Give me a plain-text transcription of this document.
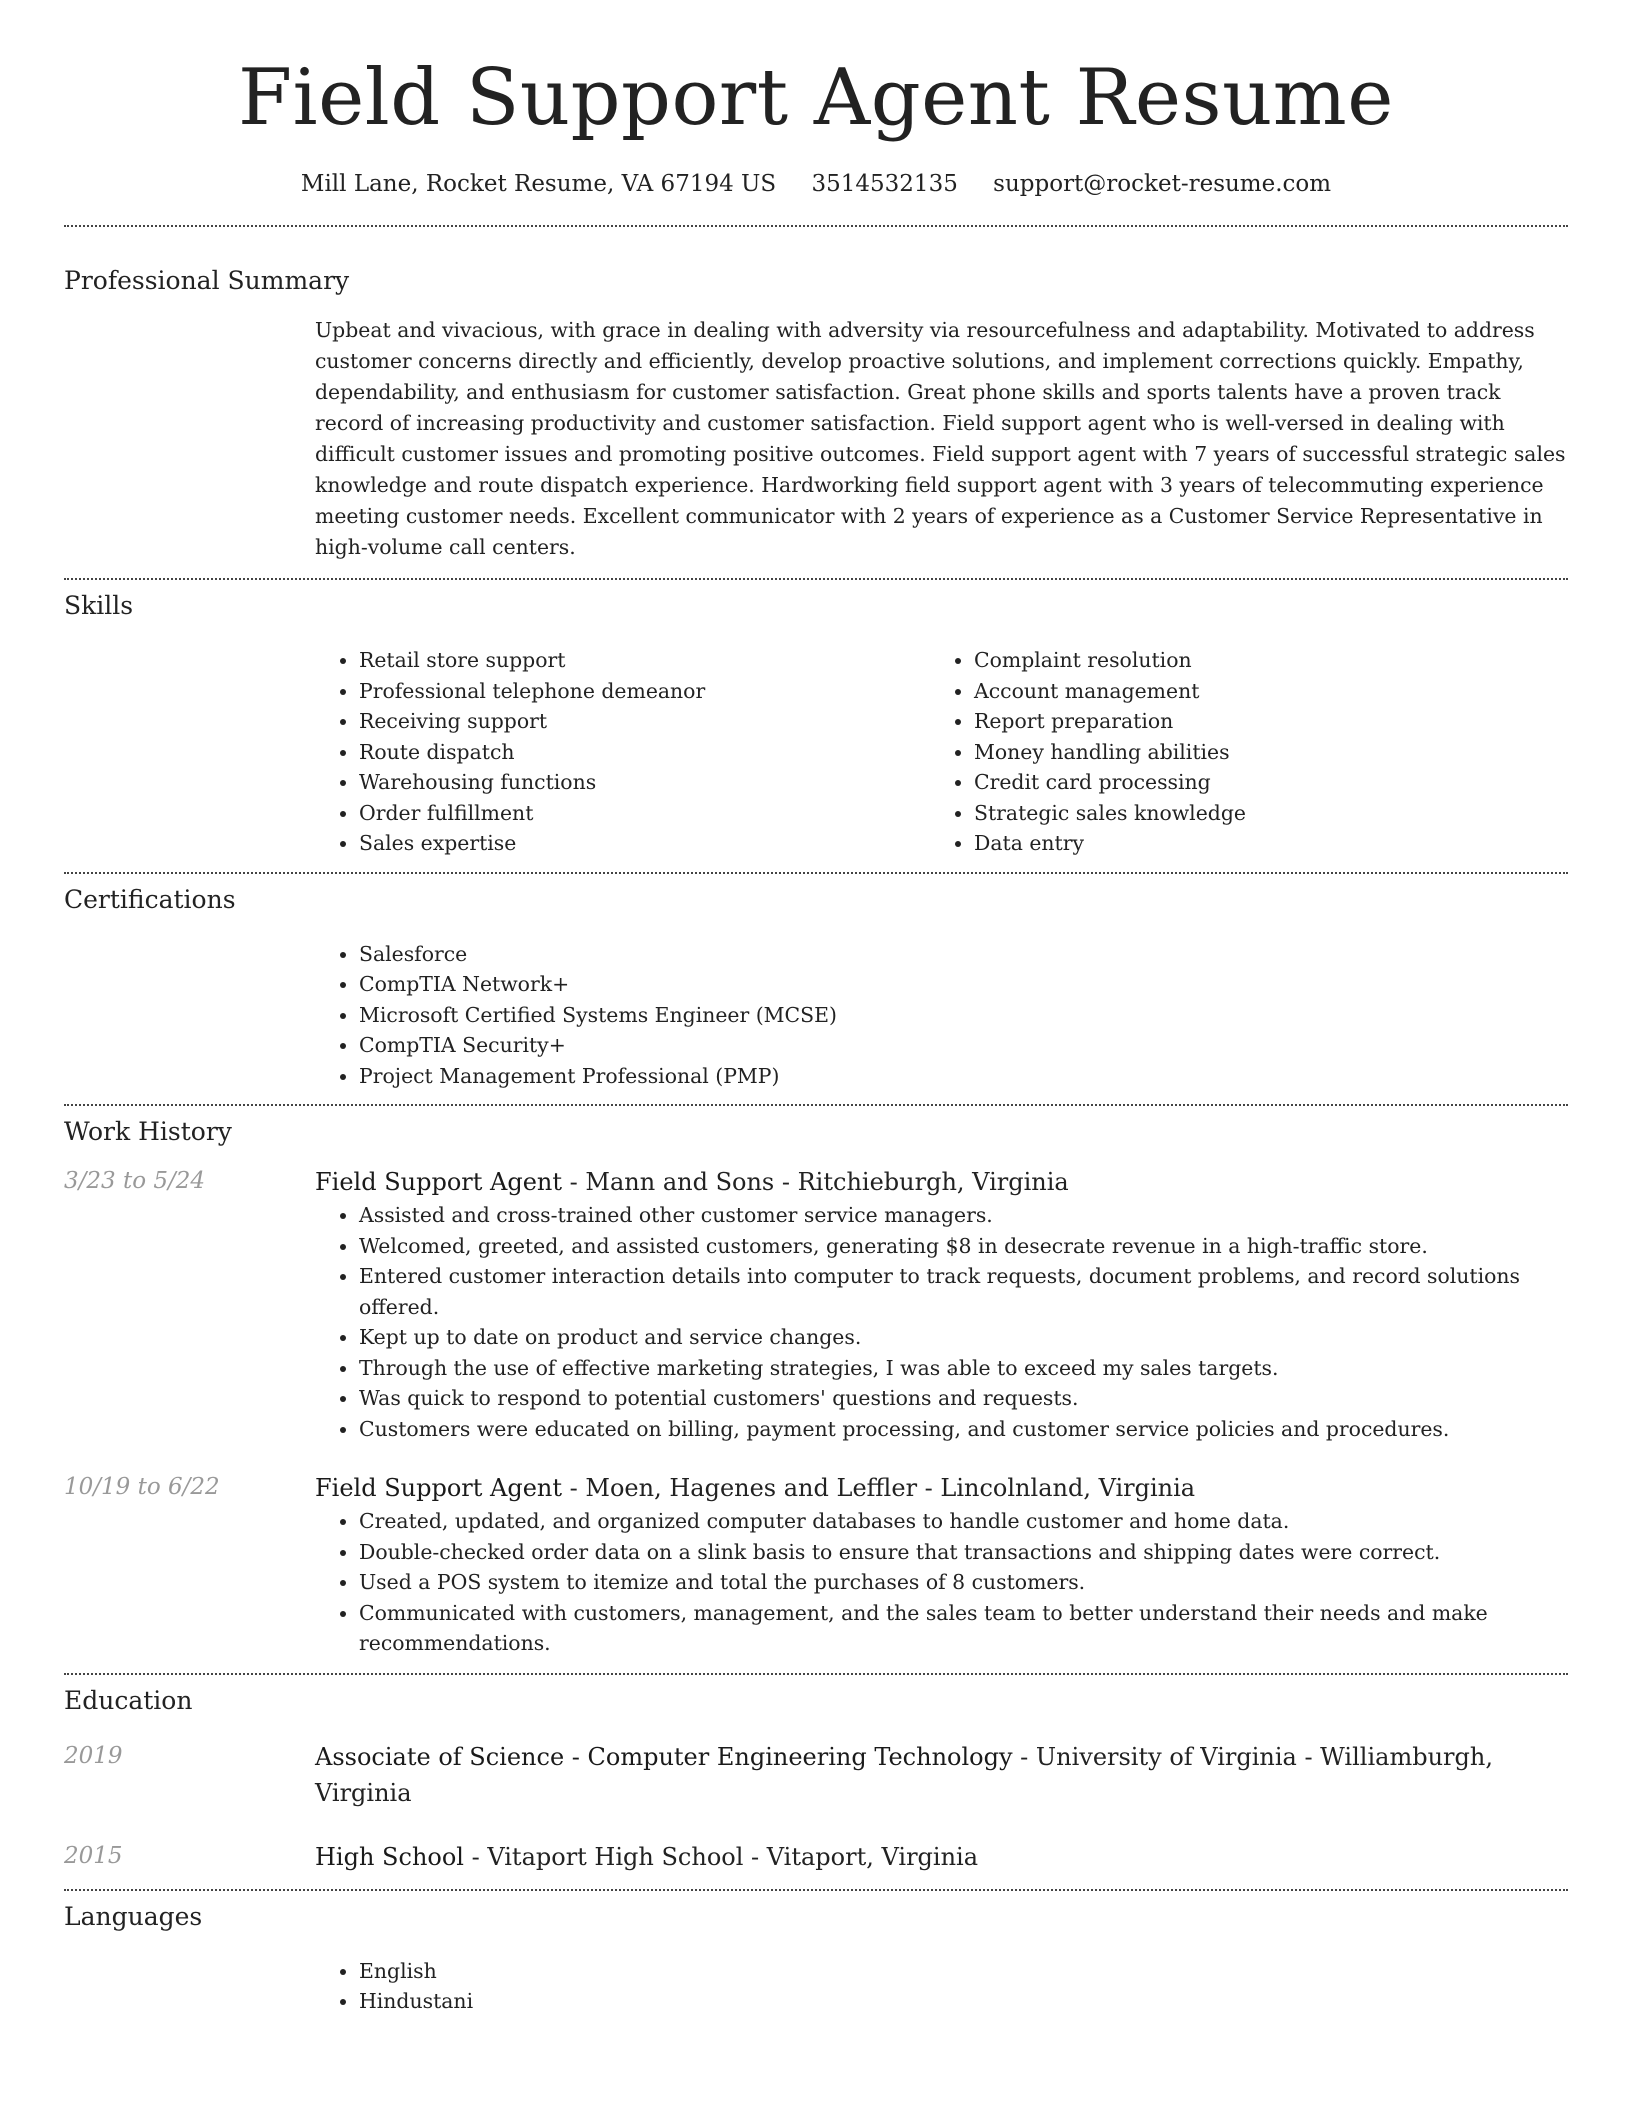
Field Support Agent Resume
Mill Lane, Rocket Resume, VA 67194 US 3514532135 support@rocket-resume.com
Professional Summary

Upbeat and vivacious, with grace in dealing with adversity via resourcefulness and adaptability. Motivated to address customer concerns directly and efficiently, develop proactive solutions, and implement corrections quickly. Empathy, dependability, and enthusiasm for customer satisfaction. Great phone skills and sports talents have a proven track record of increasing productivity and customer satisfaction. Field support agent who is well-versed in dealing with difficult customer issues and promoting positive outcomes. Field support agent with 7 years of successful strategic sales knowledge and route dispatch experience. Hardworking field support agent with 3 years of telecommuting experience meeting customer needs. Excellent communicator with 2 years of experience as a Customer Service Representative in high-volume call centers.

Skills
• Retail store support
• Professional telephone demeanor
• Receiving support
• Route dispatch
• Warehousing functions
• Order fulfillment
• Sales expertise
• Complaint resolution
• Account management
• Report preparation
• Money handling abilities
• Credit card processing
• Strategic sales knowledge
• Data entry
Certifications
• Salesforce
• CompTIA Network+
• Microsoft Certified Systems Engineer (MCSE)
• CompTIA Security+
• Project Management Professional (PMP)
Work History
3/23 to 5/24	Field Support Agent - Mann and Sons - Ritchieburgh, Virginia
• Assisted and cross-trained other customer service managers.
• Welcomed, greeted, and assisted customers, generating $8 in desecrate revenue in a high-traffic store.
• Entered customer interaction details into computer to track requests, document problems, and record solutions offered.
• Kept up to date on product and service changes.
• Through the use of effective marketing strategies, I was able to exceed my sales targets.
• Was quick to respond to potential customers' questions and requests.
• Customers were educated on billing, payment processing, and customer service policies and procedures.
10/19 to 6/22	Field Support Agent - Moen, Hagenes and Leffler - Lincolnland, Virginia
• Created, updated, and organized computer databases to handle customer and home data.
• Double-checked order data on a slink basis to ensure that transactions and shipping dates were correct.
• Used a POS system to itemize and total the purchases of 8 customers.
• Communicated with customers, management, and the sales team to better understand their needs and make recommendations.
Education
2019	Associate of Science - Computer Engineering Technology - University of Virginia - Williamburgh, Virginia
2015	High School - Vitaport High School - Vitaport, Virginia
Languages
• English
• Hindustani
